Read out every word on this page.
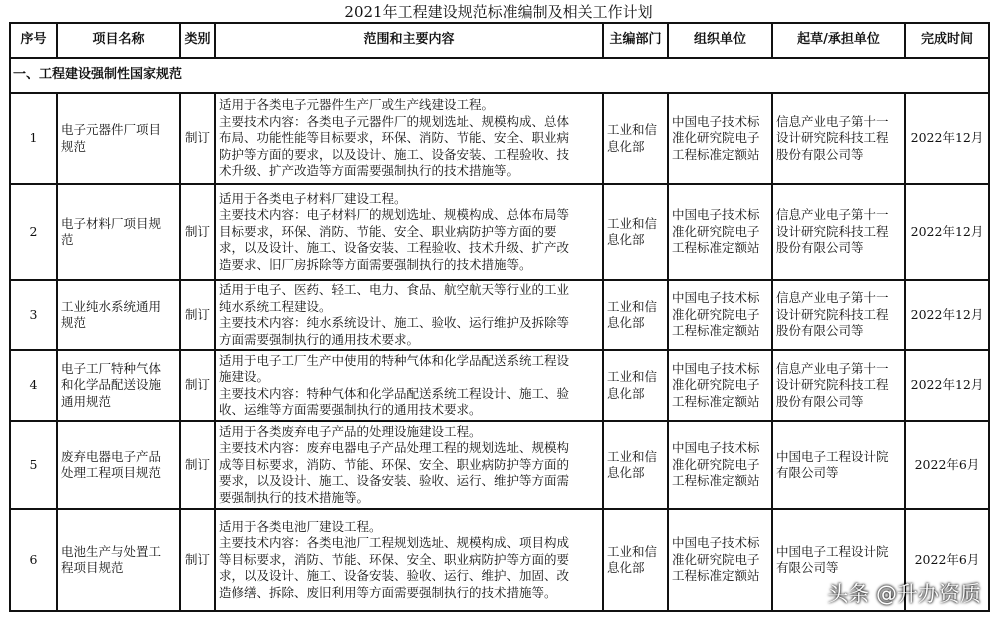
2021年工程建设规范标准编制及相关工作计划
序号	项目名称	类别	范围和主要内容	主编部门	组织单位	起草/承担单位	完成时间
一、工程建设强制性国家规范							
1	电子元器件厂项目
规范	制订	适用于各类电子元器件生产厂或生产线建设工程。
主要技术内容：各类电子元器件厂的规划选址、规模构成、总体
布局、功能性能等目标要求，环保、消防、节能、安全、职业病
防护等方面的要求，以及设计、施工、设备安装、工程验收、技
术升级、扩产改造等方面需要强制执行的技术措施等。	工业和信
息化部	中国电子技术标
准化研究院电子
工程标准定额站	信息产业电子第十一
设计研究院科技工程
股份有限公司等	2022年12月
2	电子材料厂项目规
范	制订	适用于各类电子材料厂建设工程。
主要技术内容：电子材料厂的规划选址、规模构成、总体布局等
目标要求，环保、消防、节能、安全、职业病防护等方面的要
求，以及设计、施工、设备安装、工程验收、技术升级、扩产改
造要求、旧厂房拆除等方面需要强制执行的技术措施等。	工业和信
息化部	中国电子技术标
准化研究院电子
工程标准定额站	信息产业电子第十一
设计研究院科技工程
股份有限公司等	2022年12月
3	工业纯水系统通用
规范	制订	适用于电子、医药、轻工、电力、食品、航空航天等行业的工业
纯水系统工程建设。
主要技术内容：纯水系统设计、施工、验收、运行维护及拆除等
方面需要强制执行的通用技术要求。	工业和信
息化部	中国电子技术标
准化研究院电子
工程标准定额站	信息产业电子第十一
设计研究院科技工程
股份有限公司等	2022年12月
4	电子工厂特种气体
和化学品配送设施
通用规范	制订	适用于电子工厂生产中使用的特种气体和化学品配送系统工程设
施建设。
主要技术内容：特种气体和化学品配送系统工程设计、施工、验
收、运维等方面需要强制执行的通用技术要求。	工业和信
息化部	中国电子技术标
准化研究院电子
工程标准定额站	信息产业电子第十一
设计研究院科技工程
股份有限公司等	2022年12月
5	废弃电器电子产品
处理工程项目规范	制订	适用于各类废弃电子产品的处理设施建设工程。
主要技术内容：废弃电器电子产品处理工程的规划选址、规模构
成等目标要求，消防、节能、环保、安全、职业病防护等方面的
要求，以及设计、施工、设备安装、验收、运行、维护等方面需
要强制执行的技术措施等。	工业和信
息化部	中国电子技术标
准化研究院电子
工程标准定额站	中国电子工程设计院
有限公司等	2022年6月
6	电池生产与处置工
程项目规范	制订	适用于各类电池厂建设工程。
主要技术内容：各类电池厂工程规划选址、规模构成、项目构成
等目标要求，消防、节能、环保、安全、职业病防护等方面的要
求，以及设计、施工、设备安装、验收、运行、维护、加固、改
造修缮、拆除、废旧利用等方面需要强制执行的技术措施等。	工业和信
息化部	中国电子技术标
准化研究院电子
工程标准定额站	中国电子工程设计院
有限公司等	2022年6月
头条 @升办资质
